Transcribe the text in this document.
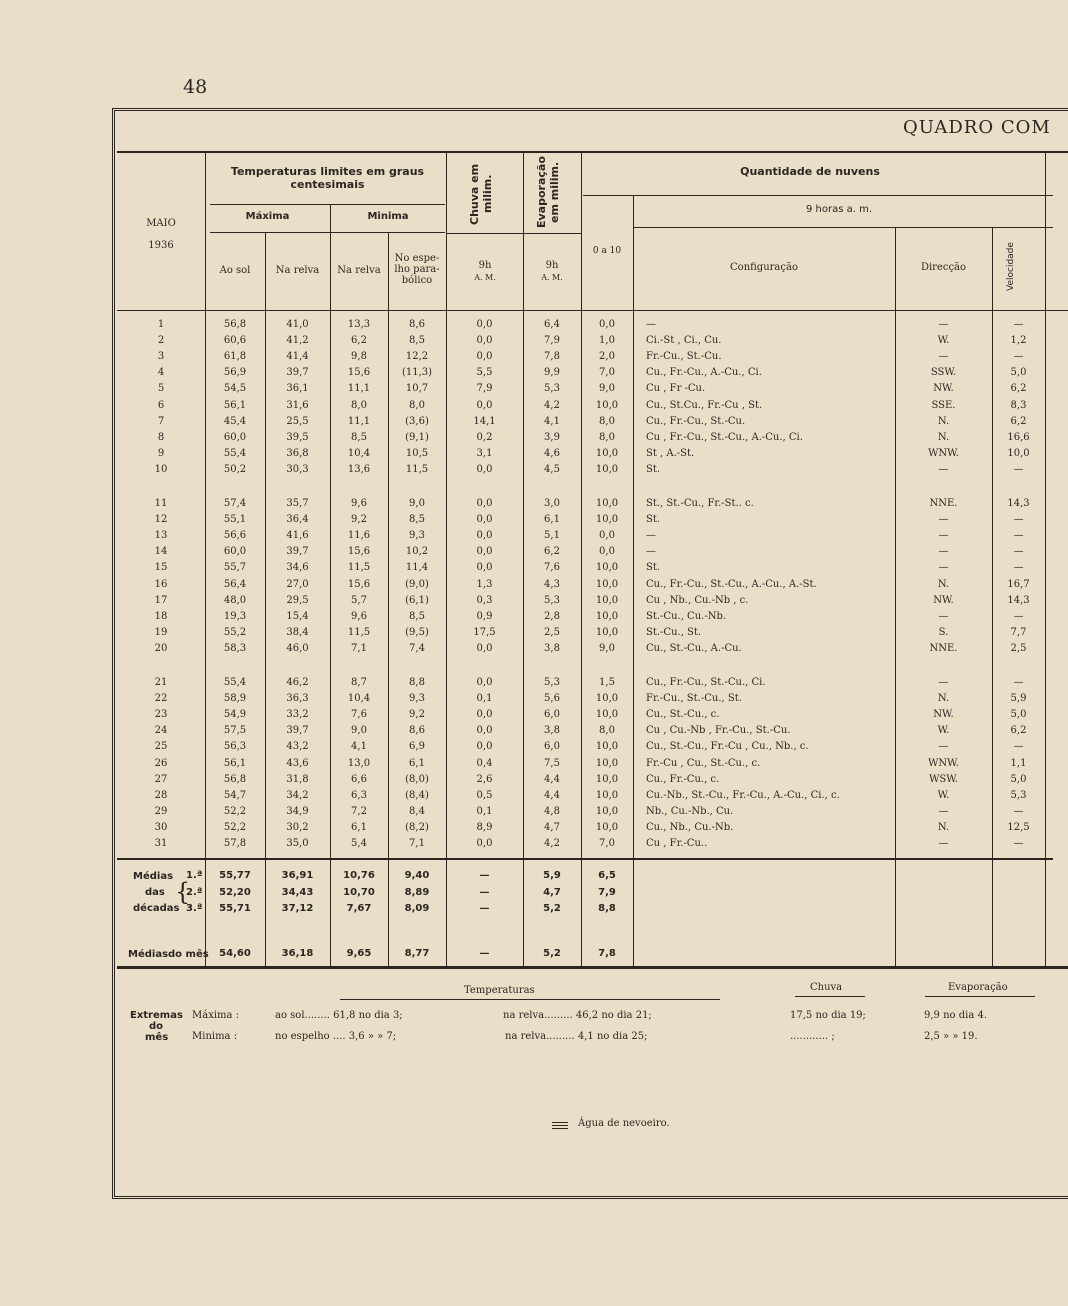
48
QUADRO COM
MAIO
1936
Temperaturas limites em graus centesimais
Máxima	Minima
Ao sol	Na relva	Na relva
No espe-lho para-bólico
Chuva em milim.	Evaporação em milim.
9h
A. M.
9h
A. M.
0 a 10
Quantidade de nuvens
9 horas a. m.
Configuração	Direcção	Velocidade
1	56,8	41,0	13,3	8,6	0,0	6,4	0,0	—	—	—
2	60,6	41,2	6,2	8,5	0,0	7,9	1,0	Ci.-St , Ci., Cu.	W.	1,2
3	61,8	41,4	9,8	12,2	0,0	7,8	2,0	Fr.-Cu., St.-Cu.	—	—
4	56,9	39,7	15,6	(11,3)	5,5	9,9	7,0	Cu., Fr.-Cu., A.-Cu., Ci.	SSW.	5,0
5	54,5	36,1	11,1	10,7	7,9	5,3	9,0	Cu , Fr -Cu.	NW.	6,2
6	56,1	31,6	8,0	8,0	0,0	4,2	10,0	Cu., St.Cu., Fr.-Cu , St.	SSE.	8,3
7	45,4	25,5	11,1	(3,6)	14,1	4,1	8,0	Cu., Fr.-Cu., St.-Cu.	N.	6,2
8	60,0	39,5	8,5	(9,1)	0,2	3,9	8,0	Cu , Fr.-Cu., St.-Cu., A.-Cu., Ci.	N.	16,6
9	55,4	36,8	10,4	10,5	3,1	4,6	10,0	St , A.-St.	WNW.	10,0
10	50,2	30,3	13,6	11,5	0,0	4,5	10,0	St.	—	—
11	57,4	35,7	9,6	9,0	0,0	3,0	10,0	St., St.-Cu., Fr.-St.. c.	NNE.	14,3
12	55,1	36,4	9,2	8,5	0,0	6,1	10,0	St.	—	—
13	56,6	41,6	11,6	9,3	0,0	5,1	0,0	—	—	—
14	60,0	39,7	15,6	10,2	0,0	6,2	0,0	—	—	—
15	55,7	34,6	11,5	11,4	0,0	7,6	10,0	St.	—	—
16	56,4	27,0	15,6	(9,0)	1,3	4,3	10,0	Cu., Fr.-Cu., St.-Cu., A.-Cu., A.-St.	N.	16,7
17	48,0	29,5	5,7	(6,1)	0,3	5,3	10,0	Cu , Nb., Cu.-Nb , c.	NW.	14,3
18	19,3	15,4	9,6	8,5	0,9	2,8	10,0	St.-Cu., Cu.-Nb.	—	—
19	55,2	38,4	11,5	(9,5)	17,5	2,5	10,0	St.-Cu., St.	S.	7,7
20	58,3	46,0	7,1	7,4	0,0	3,8	9,0	Cu., St.-Cu., A.-Cu.	NNE.	2,5
21	55,4	46,2	8,7	8,8	0,0	5,3	1,5	Cu., Fr.-Cu., St.-Cu., Ci.	—	—
22	58,9	36,3	10,4	9,3	0,1	5,6	10,0	Fr.-Cu., St.-Cu., St.	N.	5,9
23	54,9	33,2	7,6	9,2	0,0	6,0	10,0	Cu., St.-Cu., c.	NW.	5,0
24	57,5	39,7	9,0	8,6	0,0	3,8	8,0	Cu , Cu.-Nb , Fr.-Cu., St.-Cu.	W.	6,2
25	56,3	43,2	4,1	6,9	0,0	6,0	10,0	Cu., St.-Cu., Fr.-Cu , Cu., Nb., c.	—	—
26	56,1	43,6	13,0	6,1	0,4	7,5	10,0	Fr.-Cu , Cu., St.-Cu., c.	WNW.	1,1
27	56,8	31,8	6,6	(8,0)	2,6	4,4	10,0	Cu., Fr.-Cu., c.	WSW.	5,0
28	54,7	34,2	6,3	(8,4)	0,5	4,4	10,0	Cu.-Nb., St.-Cu., Fr.-Cu., A.-Cu., Ci., c.	W.	5,3
29	52,2	34,9	7,2	8,4	0,1	4,8	10,0	Nb., Cu.-Nb., Cu.	—	—
30	52,2	30,2	6,1	(8,2)	8,9	4,7	10,0	Cu., Nb., Cu.-Nb.	N.	12,5
31	57,8	35,0	5,4	7,1	0,0	4,2	7,0	Cu , Fr.-Cu..	—	—
Médias
das
décadas
{
1.ª	55,77	36,91	10,76	9,40	—	5,9	6,5
2.ª	52,20	34,43	10,70	8,89	—	4,7	7,9
3.ª	55,71	37,12	7,67	8,09	—	5,2	8,8
Médiasdo mês	54,60	36,18	9,65	8,77	—	5,2	7,8
Extremas
do
mês
Máxima :
Minima :
Temperaturas	Chuva	Evaporação
ao sol........ 61,8 no dia 3;	na relva......... 46,2 no dia 21;
no espelho .... 3,6 » » 7;	na relva......... 4,1 no dia 25;
17,5 no dia 19;
............ ;
9,9 no dia 4.
2,5 » » 19.
Água de nevoeiro.
